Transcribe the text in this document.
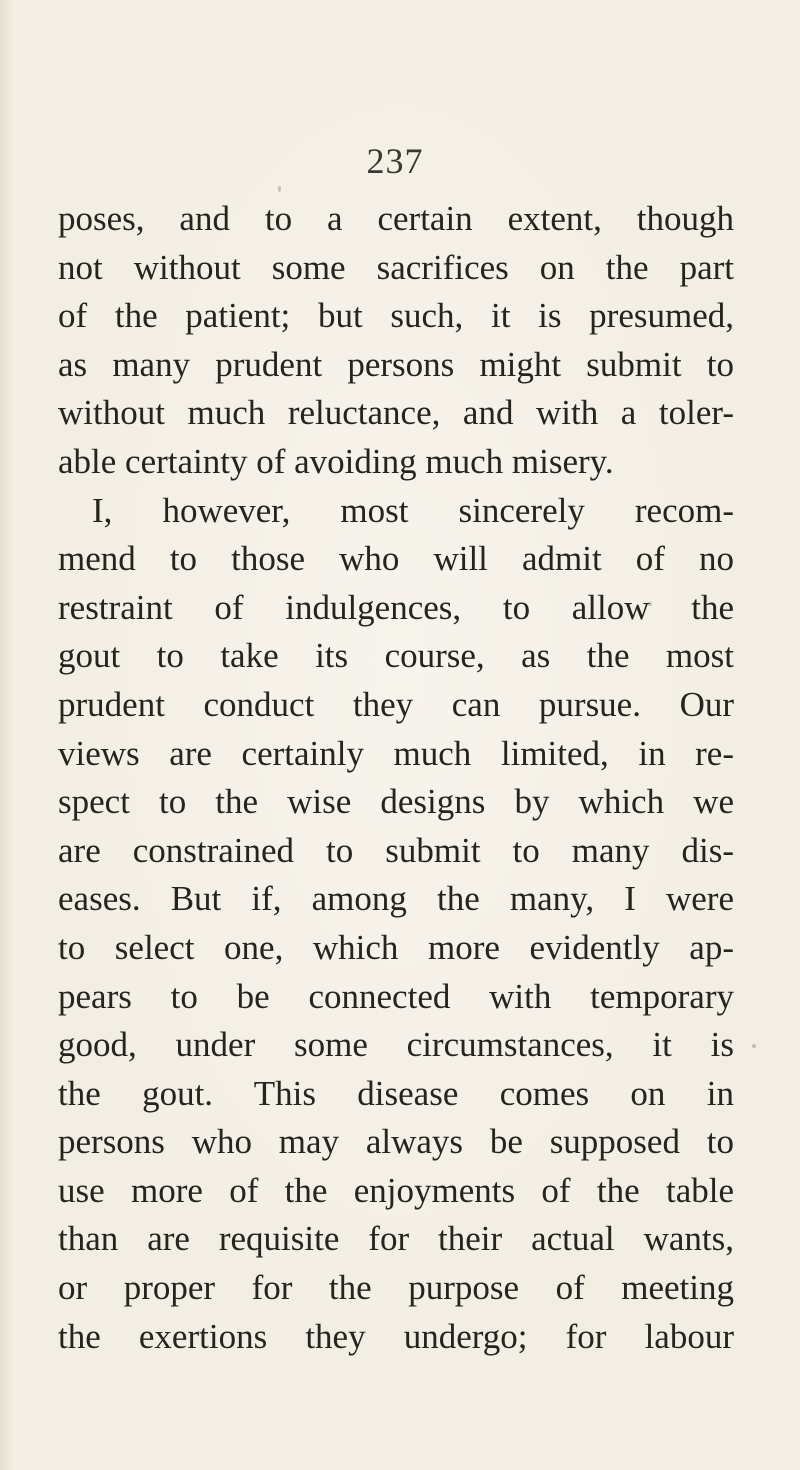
237
poses, and to a certain extent, though
not without some sacrifices on the part
of the patient; but such, it is presumed,
as many prudent persons might submit to
without much reluctance, and with a toler-
able certainty of avoiding much misery.
I, however, most sincerely recom-
mend to those who will admit of no
restraint of indulgences, to allow the
gout to take its course, as the most
prudent conduct they can pursue. Our
views are certainly much limited, in re-
spect to the wise designs by which we
are constrained to submit to many dis-
eases. But if, among the many, I were
to select one, which more evidently ap-
pears to be connected with temporary
good, under some circumstances, it is
the gout. This disease comes on in
persons who may always be supposed to
use more of the enjoyments of the table
than are requisite for their actual wants,
or proper for the purpose of meeting
the exertions they undergo; for labour
